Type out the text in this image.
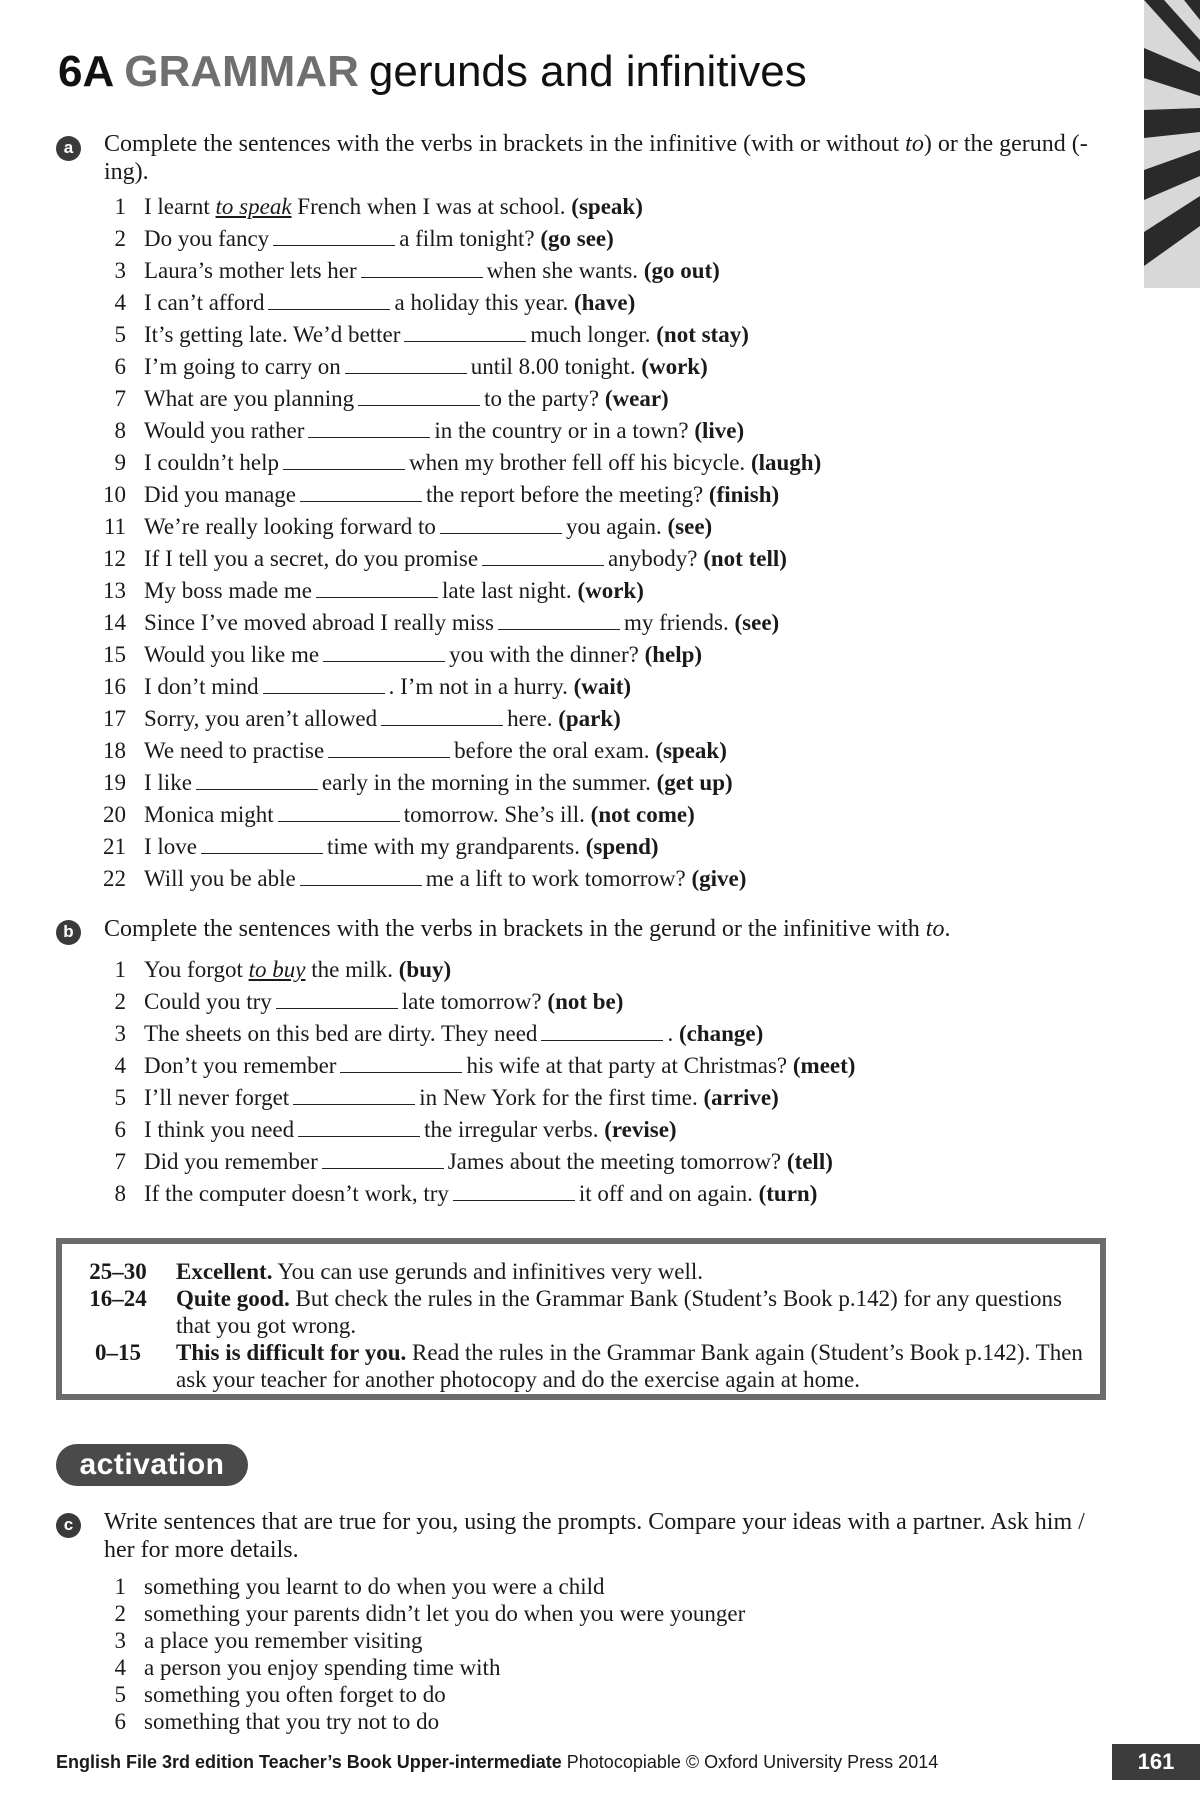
6A GRAMMAR gerunds and infinitives
a	Complete the sentences with the verbs in brackets in the infinitive (with or without to) or the gerund (-ing).
1 I learnt to speak French when I was at school. (speak)
2 Do you fancy	a film tonight? (go see)
3 Laura’s mother lets her	when she wants. (go out)
4 I can’t afford	a holiday this year. (have)
5 It’s getting late. We’d better	much longer. (not stay)
6 I’m going to carry on	until 8.00 tonight. (work)
7 What are you planning	to the party? (wear)
8 Would you rather	in the country or in a town? (live)
9 I couldn’t help	when my brother fell off his bicycle. (laugh)
10 Did you manage	the report before the meeting? (finish)
11 We’re really looking forward to	you again. (see)
12 If I tell you a secret, do you promise	anybody? (not tell)
13 My boss made me	late last night. (work)
14 Since I’ve moved abroad I really miss	my friends. (see)
15 Would you like me	you with the dinner? (help)
16 I don’t mind	. I’m not in a hurry. (wait)
17 Sorry, you aren’t allowed	here. (park)
18 We need to practise	before the oral exam. (speak)
19 I like	early in the morning in the summer. (get up)
20 Monica might	tomorrow. She’s ill. (not come)
21 I love	time with my grandparents. (spend)
22 Will you be able	me a lift to work tomorrow? (give)
b	Complete the sentences with the verbs in brackets in the gerund or the infinitive with to.
1 You forgot to buy the milk. (buy)
2 Could you try	late tomorrow? (not be)
3 The sheets on this bed are dirty. They need	. (change)
4 Don’t you remember	his wife at that party at Christmas? (meet)
5 I’ll never forget	in New York for the first time. (arrive)
6 I think you need	the irregular verbs. (revise)
7 Did you remember	James about the meeting tomorrow? (tell)
8 If the computer doesn’t work, try	it off and on again. (turn)
25–30	Excellent. You can use gerunds and infinitives very well.
16–24	Quite good. But check the rules in the Grammar Bank (Student’s Book p.142) for any questions that you got wrong.
0–15	This is difficult for you. Read the rules in the Grammar Bank again (Student’s Book p.142). Then ask your teacher for another photocopy and do the exercise again at home.
activation
c	Write sentences that are true for you, using the prompts. Compare your ideas with a partner. Ask him / her for more details.
1 something you learnt to do when you were a child
2 something your parents didn’t let you do when you were younger
3 a place you remember visiting
4 a person you enjoy spending time with
5 something you often forget to do
6 something that you try not to do
English File 3rd edition Teacher’s Book Upper-intermediate Photocopiable © Oxford University Press 2014	161
